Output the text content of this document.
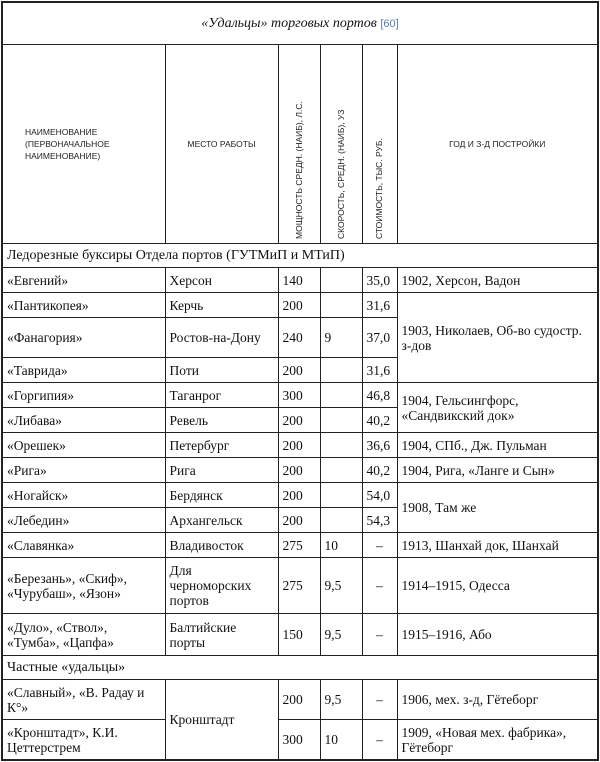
«Удальцы» торговых портов [60]
НАИМЕНОВАНИЕ (ПЕРВОНАЧАЛЬНОЕ НАИМЕНОВАНИЕ)	МЕСТО РАБОТЫ	МОЩНОСТЬ СРЕДН. (НАИБ), Л.С.	СКОРОСТЬ, СРЕДН. (НАИБ), УЗ	СТОИМОСТЬ, ТЫС. РУБ.	ГОД И З-Д ПОСТРОЙКИ
Ледорезные буксиры Отдела портов (ГУТМиП и МТиП)					
«Евгений»	Херсон	140		35,0	1902, Херсон, Вадон
«Пантикопея»	Керчь	200		31,6	1903, Николаев, Об-во судостр. з-дов
«Фанагория»	Ростов-на-Дону	240	9	37,0	
«Таврида»	Поти	200		31,6	
«Горгипия»	Таганрог	300		46,8	1904, Гельсингфорс, «Сандвикский док»
«Либава»	Ревель	200		40,2	
«Орешек»	Петербург	200		36,6	1904, СПб., Дж. Пульман
«Рига»	Рига	200		40,2	1904, Рига, «Ланге и Сын»
«Ногайск»	Бердянск	200		54,0	1908, Там же
«Лебедин»	Архангельск	200		54,3	
«Славянка»	Владивосток	275	10	–	1913, Шанхай док, Шанхай
«Березань», «Скиф», «Чурубаш», «Язон»	Для черноморских портов	275	9,5	–	1914–1915, Одесса
«Дуло», «Ствол», «Тумба», «Цапфа»	Балтийские порты	150	9,5	–	1915–1916, Або
Частные «удальцы»					
«Славный», «В. Радау и К°»	Кронштадт	200	9,5	–	1906, мех. з-д, Гётеборг
«Кронштадт», К.И. Цеттерстрем		300	10	–	1909, «Новая мех. фабрика», Гётеборг
